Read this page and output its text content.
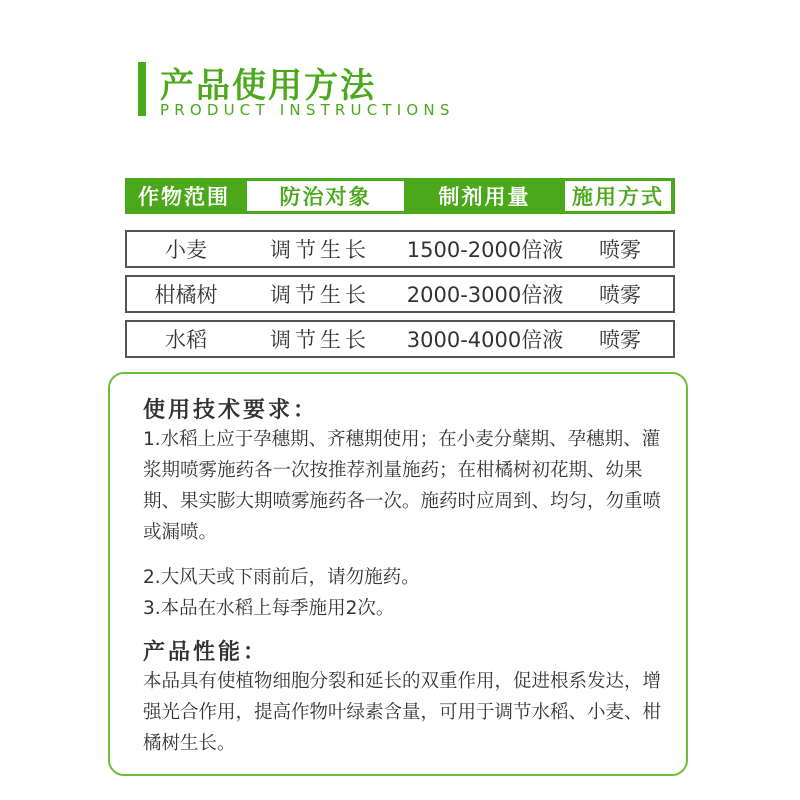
产品使用方法
PRODUCT INSTRUCTIONS
作物范围	防治对象	制剂用量	施用方式
小麦	调节生长	1500-2000倍液	喷雾
柑橘树	调节生长	2000-3000倍液	喷雾
水稻	调节生长	3000-4000倍液	喷雾
使用技术要求：
1.水稻上应于孕穗期、齐穗期使用；在小麦分蘖期、孕穗期、灌浆期喷雾施药各一次按推荐剂量施药；在柑橘树初花期、幼果期、果实膨大期喷雾施药各一次。施药时应周到、均匀，勿重喷或漏喷。
2.大风天或下雨前后，请勿施药。
3.本品在水稻上每季施用2次。
产品性能：
本品具有使植物细胞分裂和延长的双重作用，促进根系发达，增强光合作用，提高作物叶绿素含量，可用于调节水稻、小麦、柑橘树生长。
